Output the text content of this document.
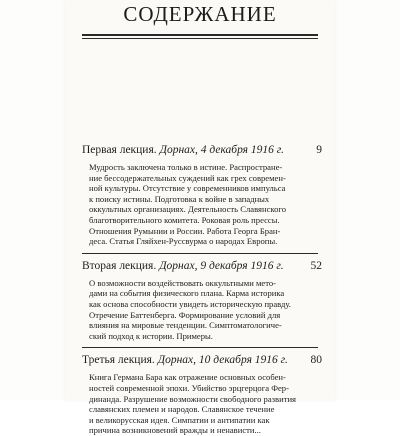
СОДЕРЖАНИЕ
Первая лекция. Дорнах, 4 декабря 1916 г.	9
Мудрость заключена только в истине. Распростране-
ние бессодержательных суждений как грех современ-
ной культуры. Отсутствие у современников импульса
к поиску истины. Подготовка к войне в западных
оккультных организациях. Деятельность Славянского
благотворительного комитета. Роковая роль прессы.
Отношения Румынии и России. Работа Георга Бран-
деса. Статья Гляйхен-Руссвурма о народах Европы.
Вторая лекция. Дорнах, 9 декабря 1916 г. 52
О возможности воздействовать оккультными мето-
дами на события физического плана. Карма историка
как основа способности увидеть историческую правду.
Отречение Баттенберга. Формирование условий для
влияния на мировые тенденции. Симптоматологиче-
ский подход к истории. Примеры.
Третья лекция. Дорнах, 10 декабря 1916 г. 80
Книга Германа Бара как отражение основных особен-
ностей современной эпохи. Убийство эрцгерцога Фер-
динанда. Разрушение возможности свободного развития
славянских племен и народов. Славянское течение
и великорусская идея. Симпатии и антипатии как
причина возникновений вражды и ненависти...
